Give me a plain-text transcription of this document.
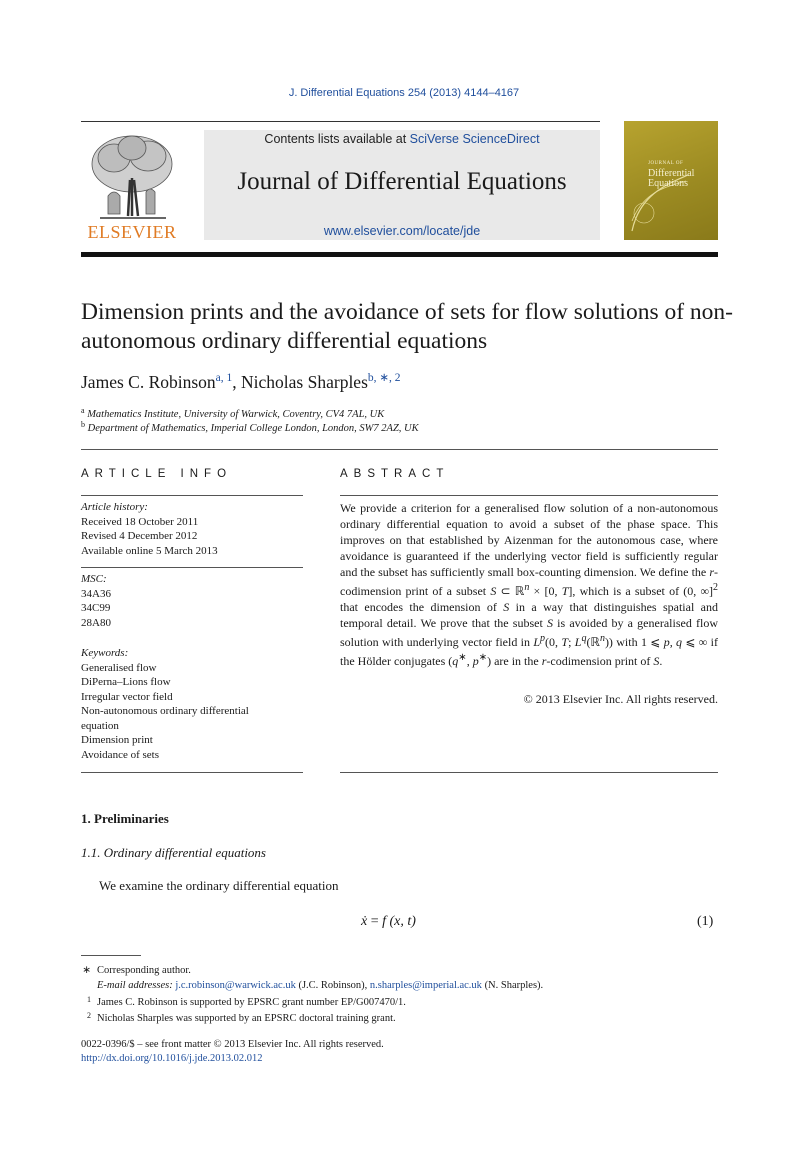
J. Differential Equations 254 (2013) 4144–4167
ELSEVIER
Contents lists available at SciVerse ScienceDirect
Journal of Differential Equations
www.elsevier.com/locate/jde
JOURNAL OF
Differential
Equations
Dimension prints and the avoidance of sets for flow solutions of non-autonomous ordinary differential equations
James C. Robinson$^{a, 1}$, Nicholas Sharples$^{b, ∗, 2}$
$^a$ Mathematics Institute, University of Warwick, Coventry, CV4 7AL, UK
$^b$ Department of Mathematics, Imperial College London, London, SW7 2AZ, UK
ARTICLE INFO	ABSTRACT
Article history:
Received 18 October 2011
Revised 4 December 2012
Available online 5 March 2013
MSC:
34A36
34C99
28A80
Keywords:
Generalised flow
DiPerna–Lions flow
Irregular vector field
Non-autonomous ordinary differential
equation
Dimension print
Avoidance of sets
We provide a criterion for a generalised flow solution of a non-autonomous ordinary differential equation to avoid a subset of the phase space. This improves on that established by Aizenman for the autonomous case, where avoidance is guaranteed if the underlying vector field is sufficiently regular and the subset has sufficiently small box-counting dimension. We define the r-codimension print of a subset S ⊂ ℝ$^n$ × [0, T], which is a subset of (0, ∞]$^2$ that encodes the dimension of S in a way that distinguishes spatial and temporal detail. We prove that the subset S is avoided by a generalised flow solution with underlying vector field in $L^p(0$, T; $L^q(ℝ^n)$) with 1 ⩽ p, q ⩽ ∞ if the Hölder conjugates (q∗, p∗) are in the r-codimension print of S.
© 2013 Elsevier Inc. All rights reserved.
1. Preliminaries
1.1. Ordinary differential equations
We examine the ordinary differential equation
ẋ = f (x, t)	(1)
∗ Corresponding author.
E-mail addresses: j.c.robinson@warwick.ac.uk (J.C. Robinson), n.sharples@imperial.ac.uk (N. Sharples).
1 James C. Robinson is supported by EPSRC grant number EP/G007470/1.
2 Nicholas Sharples was supported by an EPSRC doctoral training grant.
0022-0396/$ – see front matter © 2013 Elsevier Inc. All rights reserved.
http://dx.doi.org/10.1016/j.jde.2013.02.012
